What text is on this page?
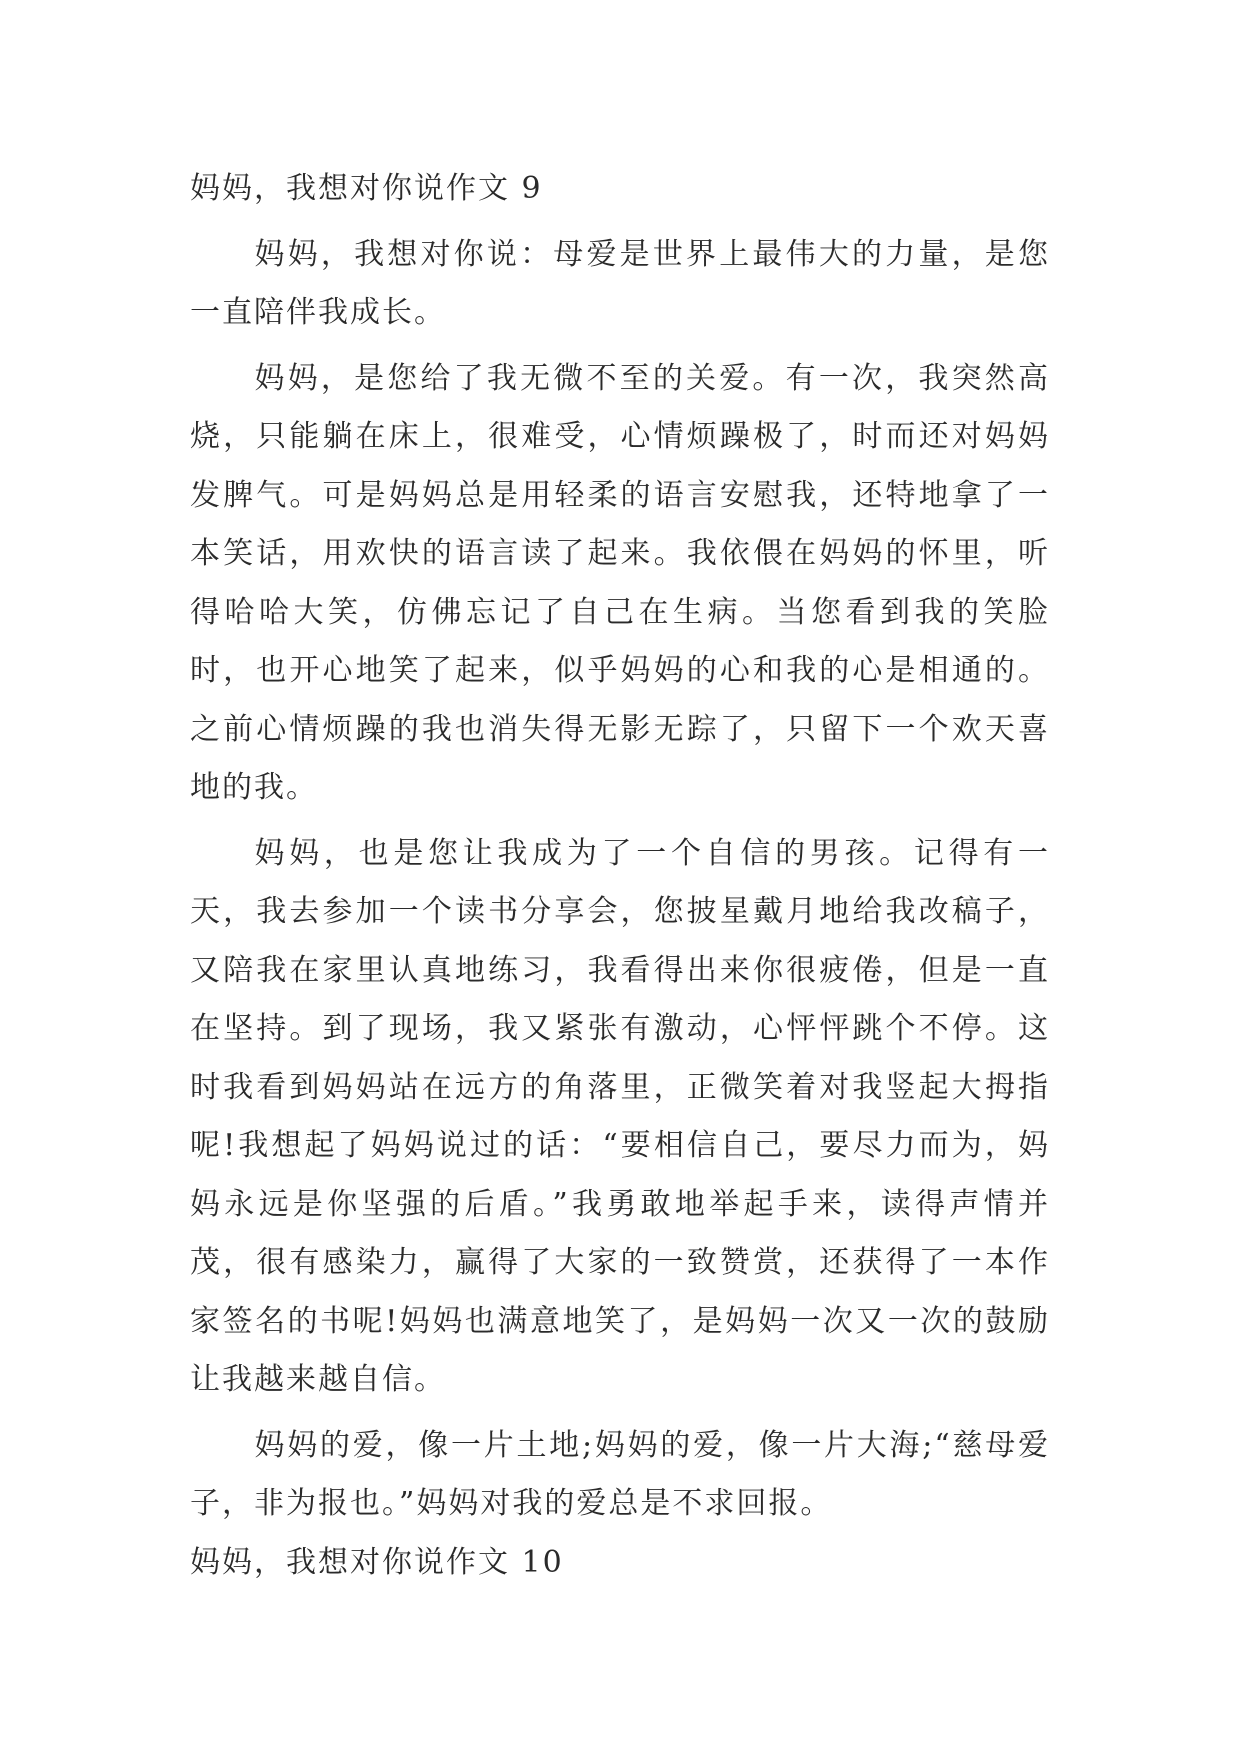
妈妈，我想对你说作文 9

妈妈，我想对你说：母爱是世界上最伟大的力量，是您一直陪伴我成长。

妈妈，是您给了我无微不至的关爱。有一次，我突然高烧，只能躺在床上，很难受，心情烦躁极了，时而还对妈妈发脾气。可是妈妈总是用轻柔的语言安慰我，还特地拿了一本笑话，用欢快的语言读了起来。我依偎在妈妈的怀里，听得哈哈大笑，仿佛忘记了自己在生病。当您看到我的笑脸时，也开心地笑了起来，似乎妈妈的心和我的心是相通的。之前心情烦躁的我也消失得无影无踪了，只留下一个欢天喜地的我。

妈妈，也是您让我成为了一个自信的男孩。记得有一天，我去参加一个读书分享会，您披星戴月地给我改稿子，又陪我在家里认真地练习，我看得出来你很疲倦，但是一直在坚持。到了现场，我又紧张有激动，心怦怦跳个不停。这时我看到妈妈站在远方的角落里，正微笑着对我竖起大拇指呢!我想起了妈妈说过的话：“要相信自己，要尽力而为，妈妈永远是你坚强的后盾。”我勇敢地举起手来，读得声情并茂，很有感染力，赢得了大家的一致赞赏，还获得了一本作家签名的书呢!妈妈也满意地笑了，是妈妈一次又一次的鼓励让我越来越自信。

妈妈的爱，像一片土地;妈妈的爱，像一片大海;“慈母爱子，非为报也。”妈妈对我的爱总是不求回报。

妈妈，我想对你说作文 10
